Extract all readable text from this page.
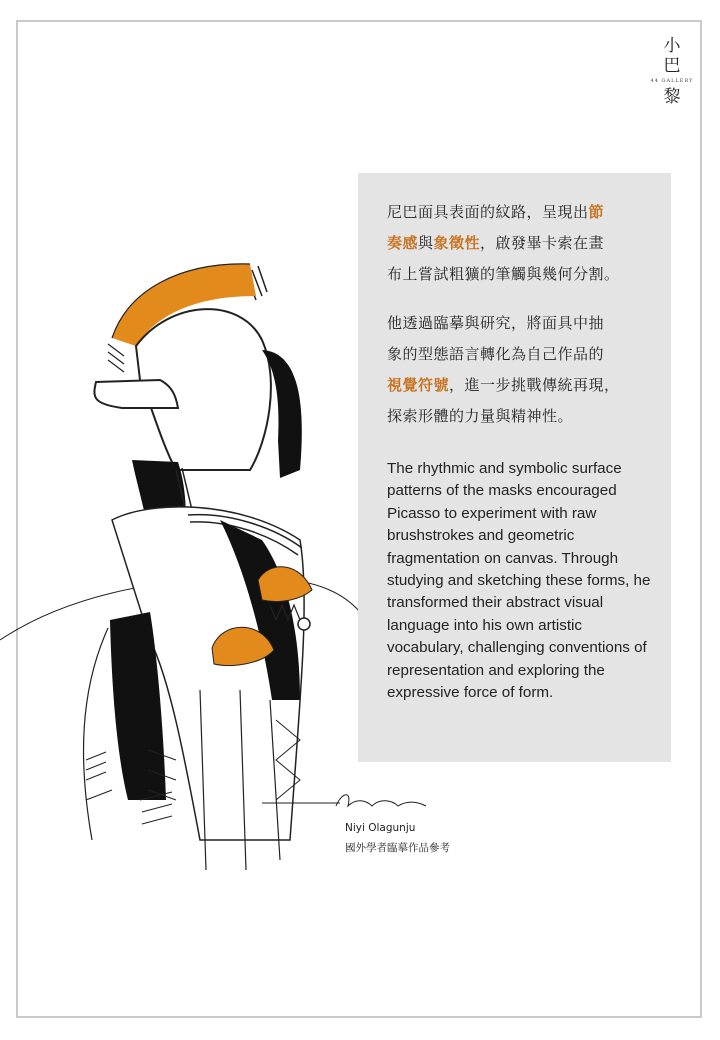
小
巴
44 GALLERY
黎

尼巴面具表面的紋路，呈現出節
奏感與象徵性，啟發畢卡索在畫
布上嘗試粗獷的筆觸與幾何分割。

他透過臨摹與研究，將面具中抽
象的型態語言轉化為自己作品的
視覺符號，進一步挑戰傳統再現，
探索形體的力量與精神性。

The rhythmic and symbolic surface patterns of the masks encouraged Picasso to experiment with raw brushstrokes and geometric fragmentation on canvas. Through studying and sketching these forms, he transformed their abstract visual language into his own artistic vocabulary, challenging conventions of representation and exploring the expressive force of form.

Niyi Olagunju
國外學者臨摹作品參考
